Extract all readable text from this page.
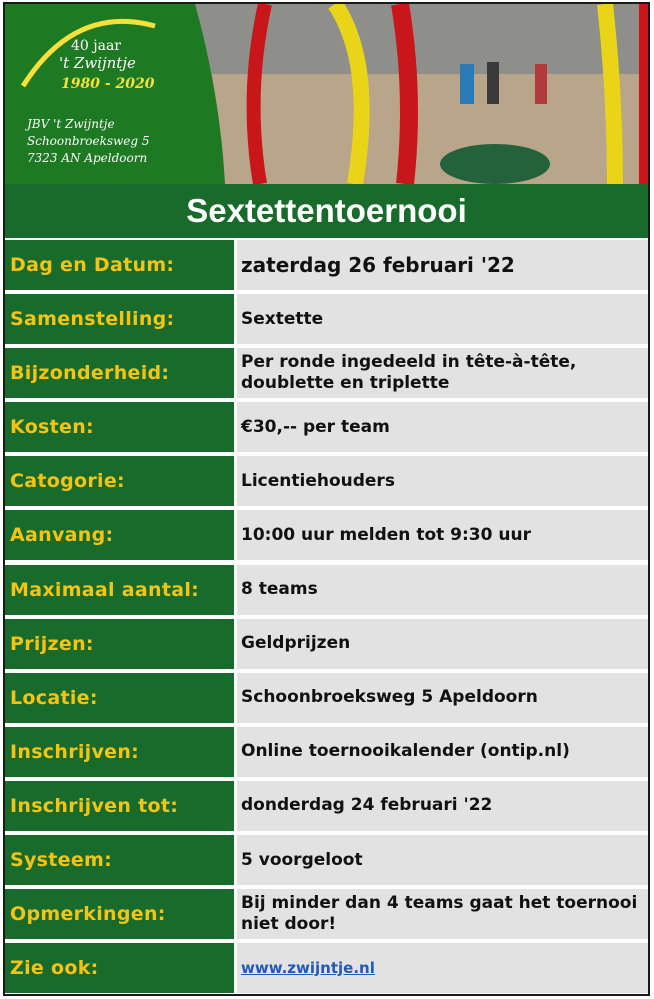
40 jaar
't Zwijntje
1980 - 2020
JBV 't Zwijntje
Schoonbroeksweg 5
7323 AN Apeldoorn
Sextettentoernooi
Dag en Datum:	zaterdag 26 februari '22
Samenstelling:	Sextette
Bijzonderheid:	Per ronde ingedeeld in tête-à-tête, doublette en triplette
Kosten:	€30,-- per team
Catogorie:	Licentiehouders
Aanvang:	10:00 uur melden tot 9:30 uur
Maximaal aantal:	8 teams
Prijzen:	Geldprijzen
Locatie:	Schoonbroeksweg 5 Apeldoorn
Inschrijven:	Online toernooikalender (ontip.nl)
Inschrijven tot:	donderdag 24 februari '22
Systeem:	5 voorgeloot
Opmerkingen:	Bij minder dan 4 teams gaat het toernooi niet door!
Zie ook:	www.zwijntje.nl
